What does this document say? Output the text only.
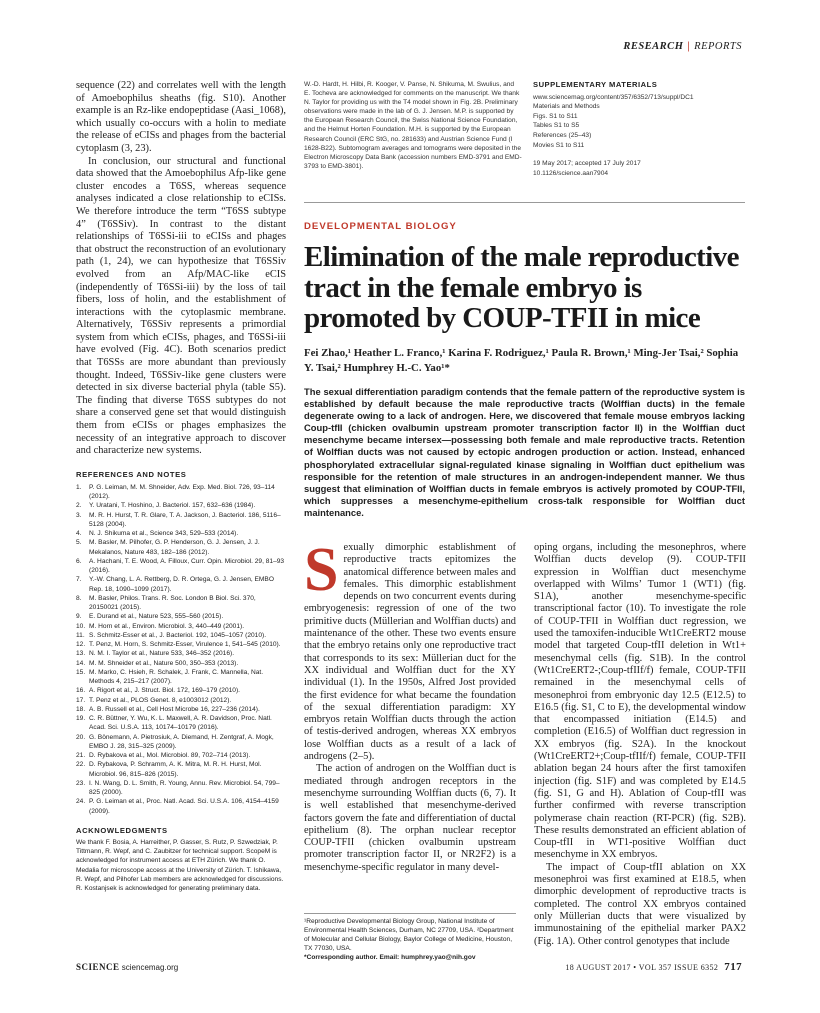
RESEARCH | REPORTS

sequence (22) and correlates well with the length of Amoebophilus sheaths (fig. S10). Another example is an Rz-like endopeptidase (Aasi_1068), which usually co-occurs with a holin to mediate the release of eCISs and phages from the bacterial cytoplasm (3, 23).

In conclusion, our structural and functional data showed that the Amoebophilus Afp-like gene cluster encodes a T6SS, whereas sequence analyses indicated a close relationship to eCISs. We therefore introduce the term “T6SS subtype 4” (T6SSiv). In contrast to the distant relationships of T6SSi-iii to eCISs and phages that obstruct the reconstruction of an evolutionary path (1, 24), we can hypothesize that T6SSiv evolved from an Afp/MAC-like eCIS (independently of T6SSi-iii) by the loss of tail fibers, loss of holin, and the establishment of interactions with the cytoplasmic membrane. Alternatively, T6SSiv represents a primordial system from which eCISs, phages, and T6SSi-iii have evolved (Fig. 4C). Both scenarios predict that T6SSs are more abundant than previously thought. Indeed, T6SSiv-like gene clusters were detected in six diverse bacterial phyla (table S5). The finding that diverse T6SS subtypes do not share a conserved gene set that would distinguish them from eCISs or phages emphasizes the necessity of an integrative approach to discover and characterize new systems.

REFERENCES AND NOTES
1.	P. G. Leiman, M. M. Shneider, Adv. Exp. Med. Biol. 726, 93–114 (2012).
2.	Y. Uratani, T. Hoshino, J. Bacteriol. 157, 632–636 (1984).
3.	M. R. H. Hurst, T. R. Glare, T. A. Jackson, J. Bacteriol. 186, 5116–5128 (2004).
4.	N. J. Shikuma et al., Science 343, 529–533 (2014).
5.	M. Basler, M. Pilhofer, G. P. Henderson, G. J. Jensen, J. J. Mekalanos, Nature 483, 182–186 (2012).
6.	A. Hachani, T. E. Wood, A. Filloux, Curr. Opin. Microbiol. 29, 81–93 (2016).
7.	Y.-W. Chang, L. A. Rettberg, D. R. Ortega, G. J. Jensen, EMBO Rep. 18, 1090–1099 (2017).
8.	M. Basler, Philos. Trans. R. Soc. London B Biol. Sci. 370, 20150021 (2015).
9.	E. Durand et al., Nature 523, 555–560 (2015).
10. M. Horn et al., Environ. Microbiol. 3, 440–449 (2001).
11. S. Schmitz-Esser et al., J. Bacteriol. 192, 1045–1057 (2010).
12. T. Penz, M. Horn, S. Schmitz-Esser, Virulence 1, 541–545 (2010).
13. N. M. I. Taylor et al., Nature 533, 346–352 (2016).
14. M. M. Shneider et al., Nature 500, 350–353 (2013).
15. M. Marko, C. Hsieh, R. Schalek, J. Frank, C. Mannella, Nat. Methods 4, 215–217 (2007).
16. A. Rigort et al., J. Struct. Biol. 172, 169–179 (2010).
17. T. Penz et al., PLOS Genet. 8, e1003012 (2012).
18. A. B. Russell et al., Cell Host Microbe 16, 227–236 (2014).
19. C. R. Büttner, Y. Wu, K. L. Maxwell, A. R. Davidson, Proc. Natl. Acad. Sci. U.S.A. 113, 10174–10179 (2016).
20. G. Bönemann, A. Pietrosiuk, A. Diemand, H. Zentgraf, A. Mogk, EMBO J. 28, 315–325 (2009).
21. D. Rybakova et al., Mol. Microbiol. 89, 702–714 (2013).
22. D. Rybakova, P. Schramm, A. K. Mitra, M. R. H. Hurst, Mol. Microbiol. 96, 815–826 (2015).
23. I. N. Wang, D. L. Smith, R. Young, Annu. Rev. Microbiol. 54, 799–825 (2000).
24. P. G. Leiman et al., Proc. Natl. Acad. Sci. U.S.A. 106, 4154–4159 (2009).
ACKNOWLEDGMENTS

We thank F. Bosia, A. Harreither, P. Gasser, S. Rutz, P. Szwedziak, P. Tittmann, R. Wepf, and C. Zaubitzer for technical support. ScopeM is acknowledged for instrument access at ETH Zürich. We thank O. Medalia for microscope access at the University of Zürich. T. Ishikawa, R. Wepf, and Pilhofer Lab members are acknowledged for discussions. R. Kostanjsek is acknowledged for generating preliminary data.

W.-D. Hardt, H. Hilbi, R. Kooger, V. Panse, N. Shikuma, M. Swulius, and E. Tocheva are acknowledged for comments on the manuscript. We thank N. Taylor for providing us with the T4 model shown in Fig. 2B. Preliminary observations were made in the lab of G. J. Jensen. M.P. is supported by the European Research Council, the Swiss National Science Foundation, and the Helmut Horten Foundation. M.H. is supported by the European Research Council (ERC StG, no. 281633) and Austrian Science Fund (I 1628-B22). Subtomogram averages and tomograms were deposited in the Electron Microscopy Data Bank (accession numbers EMD-3791 and EMD-3793 to EMD-3801).
SUPPLEMENTARY MATERIALS
www.sciencemag.org/content/357/6352/713/suppl/DC1
Materials and Methods
Figs. S1 to S11
Tables S1 to S5
References (25–43)
Movies S1 to S11
19 May 2017; accepted 17 July 2017
10.1126/science.aan7904
DEVELOPMENTAL BIOLOGY
Elimination of the male reproductive tract in the female embryo is promoted by COUP-TFII in mice

Fei Zhao,¹ Heather L. Franco,¹ Karina F. Rodriguez,¹ Paula R. Brown,¹ Ming-Jer Tsai,² Sophia Y. Tsai,² Humphrey H.-C. Yao¹*

The sexual differentiation paradigm contends that the female pattern of the reproductive system is established by default because the male reproductive tracts (Wolffian ducts) in the female degenerate owing to a lack of androgen. Here, we discovered that female mouse embryos lacking Coup-tfII (chicken ovalbumin upstream promoter transcription factor II) in the Wolffian duct mesenchyme became intersex—possessing both female and male reproductive tracts. Retention of Wolffian ducts was not caused by ectopic androgen production or action. Instead, enhanced phosphorylated extracellular signal-regulated kinase signaling in Wolffian duct epithelium was responsible for the retention of male structures in an androgen-independent manner. We thus suggest that elimination of Wolffian ducts in female embryos is actively promoted by COUP-TFII, which suppresses a mesenchyme-epithelium cross-talk responsible for Wolffian duct maintenance.

Sexually dimorphic establishment of reproductive tracts epitomizes the anatomical difference between males and females. This dimorphic establishment depends on two concurrent events during embryogenesis: regression of one of the two primitive ducts (Müllerian and Wolffian ducts) and maintenance of the other. These two events ensure that the embryo retains only one reproductive tract that corresponds to its sex: Müllerian duct for the XX individual and Wolffian duct for the XY individual (1). In the 1950s, Alfred Jost provided the first evidence for what became the foundation of the sexual differentiation paradigm: XY embryos retain Wolffian ducts through the action of testis-derived androgen, whereas XX embryos lose Wolffian ducts as a result of a lack of androgens (2–5).

The action of androgen on the Wolffian duct is mediated through androgen receptors in the mesenchyme surrounding Wolffian ducts (6, 7). It is well established that mesenchyme-derived factors govern the fate and differentiation of ductal epithelium (8). The orphan nuclear receptor COUP-TFII (chicken ovalbumin upstream promoter transcription factor II, or NR2F2) is a mesenchyme-specific regulator in many devel-

oping organs, including the mesonephros, where Wolffian ducts develop (9). COUP-TFII expression in Wolffian duct mesenchyme overlapped with Wilms’ Tumor 1 (WT1) (fig. S1A), another mesenchyme-specific transcriptional factor (10). To investigate the role of COUP-TFII in Wolffian duct regression, we used the tamoxifen-inducible Wt1CreERT2 mouse model that targeted Coup-tfII deletion in Wt1+ mesenchymal cells (fig. S1B). In the control (Wt1CreERT2-;Coup-tfIIf/f) female, COUP-TFII remained in the mesenchymal cells of mesonephroi from embryonic day 12.5 (E12.5) to E16.5 (fig. S1, C to E), the developmental window that encompassed initiation (E14.5) and completion (E16.5) of Wolffian duct regression in XX embryos (fig. S2A). In the knockout (Wt1CreERT2+;Coup-tfIIf/f) female, COUP-TFII ablation began 24 hours after the first tamoxifen injection (fig. S1F) and was completed by E14.5 (fig. S1, G and H). Ablation of Coup-tfII was further confirmed with reverse transcription polymerase chain reaction (RT-PCR) (fig. S2B). These results demonstrated an efficient ablation of Coup-tfII in WT1-positive Wolffian duct mesenchyme in XX embryos.

The impact of Coup-tfII ablation on XX mesonephroi was first examined at E18.5, when dimorphic development of reproductive tracts is completed. The control XX embryos contained only Müllerian ducts that were visualized by immunostaining of the epithelial marker PAX2 (Fig. 1A). Other control genotypes that include

¹Reproductive Developmental Biology Group, National Institute of Environmental Health Sciences, Durham, NC 27709, USA. ²Department of Molecular and Cellular Biology, Baylor College of Medicine, Houston, TX 77030, USA.
*Corresponding author. Email: humphrey.yao@nih.gov
SCIENCE sciencemag.org	18 AUGUST 2017 • VOL 357 ISSUE 6352 717
